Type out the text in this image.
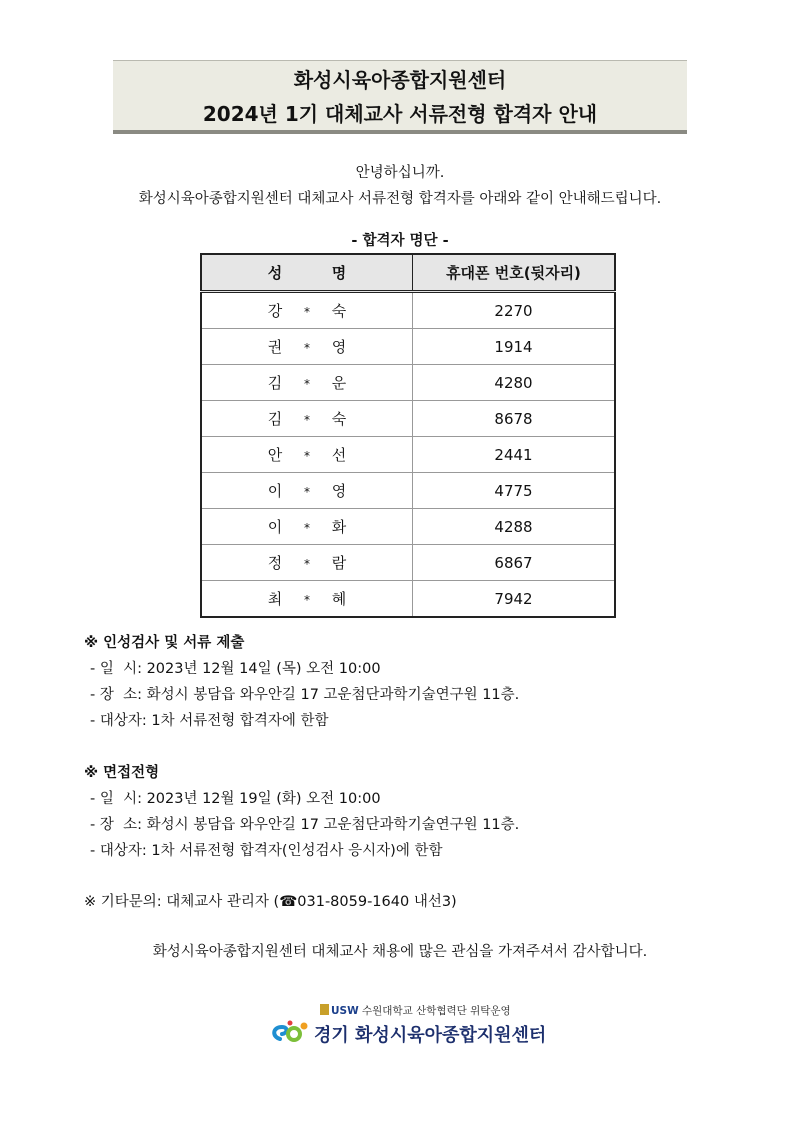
화성시육아종합지원센터
2024년 1기 대체교사 서류전형 합격자 안내
안녕하십니까.
화성시육아종합지원센터 대체교사 서류전형 합격자를 아래와 같이 안내해드립니다.
- 합격자 명단 -
성 명	휴대폰 번호(뒷자리)
강 * 숙	2270
권 * 영	1914
김 * 운	4280
김 * 숙	8678
안 * 선	2441
이 * 영	4775
이 * 화	4288
정 * 람	6867
최 * 혜	7942
※ 인성검사 및 서류 제출
- 일  시: 2023년 12월 14일 (목) 오전 10:00
- 장  소: 화성시 봉담읍 와우안길 17 고운첨단과학기술연구원 11층.
- 대상자: 1차 서류전형 합격자에 한함
※ 면접전형
- 일  시: 2023년 12월 19일 (화) 오전 10:00
- 장  소: 화성시 봉담읍 와우안길 17 고운첨단과학기술연구원 11층.
- 대상자: 1차 서류전형 합격자(인성검사 응시자)에 한함
※ 기타문의: 대체교사 관리자 (☎031-8059-1640 내선3)
화성시육아종합지원센터 대체교사 채용에 많은 관심을 가져주셔서 감사합니다.
USW 수원대학교 산학협력단 위탁운영
경기 화성시육아종합지원센터
